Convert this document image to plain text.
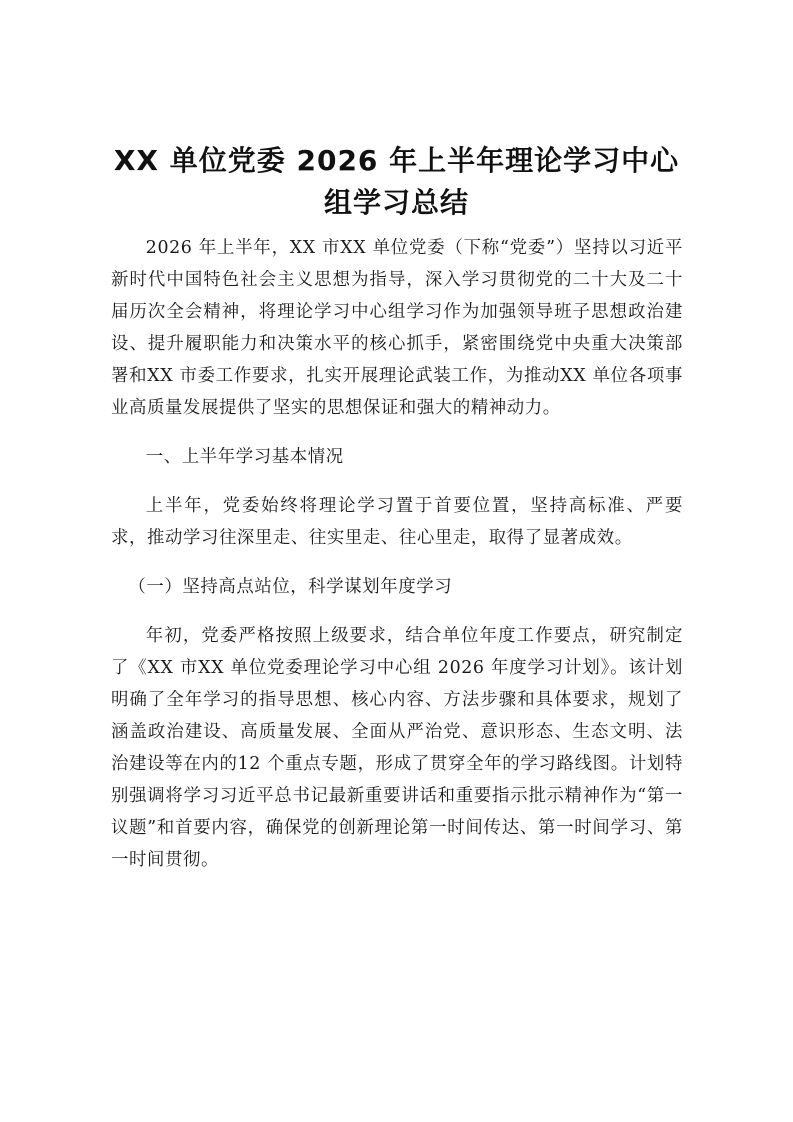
XX 单位党委 2026 年上半年理论学习中心组学习总结

2026 年上半年，XX 市XX 单位党委（下称“党委”）坚持以习近平新时代中国特色社会主义思想为指导，深入学习贯彻党的二十大及二十届历次全会精神，将理论学习中心组学习作为加强领导班子思想政治建设、提升履职能力和决策水平的核心抓手，紧密围绕党中央重大决策部署和XX 市委工作要求，扎实开展理论武装工作，为推动XX 单位各项事业高质量发展提供了坚实的思想保证和强大的精神动力。

一、上半年学习基本情况

上半年，党委始终将理论学习置于首要位置，坚持高标准、严要求，推动学习往深里走、往实里走、往心里走，取得了显著成效。

（一）坚持高点站位，科学谋划年度学习

年初，党委严格按照上级要求，结合单位年度工作要点，研究制定了《XX 市XX 单位党委理论学习中心组 2026 年度学习计划》。该计划明确了全年学习的指导思想、核心内容、方法步骤和具体要求，规划了涵盖政治建设、高质量发展、全面从严治党、意识形态、生态文明、法治建设等在内的12 个重点专题，形成了贯穿全年的学习路线图。计划特别强调将学习习近平总书记最新重要讲话和重要指示批示精神作为“第一议题”和首要内容，确保党的创新理论第一时间传达、第一时间学习、第一时间贯彻。
